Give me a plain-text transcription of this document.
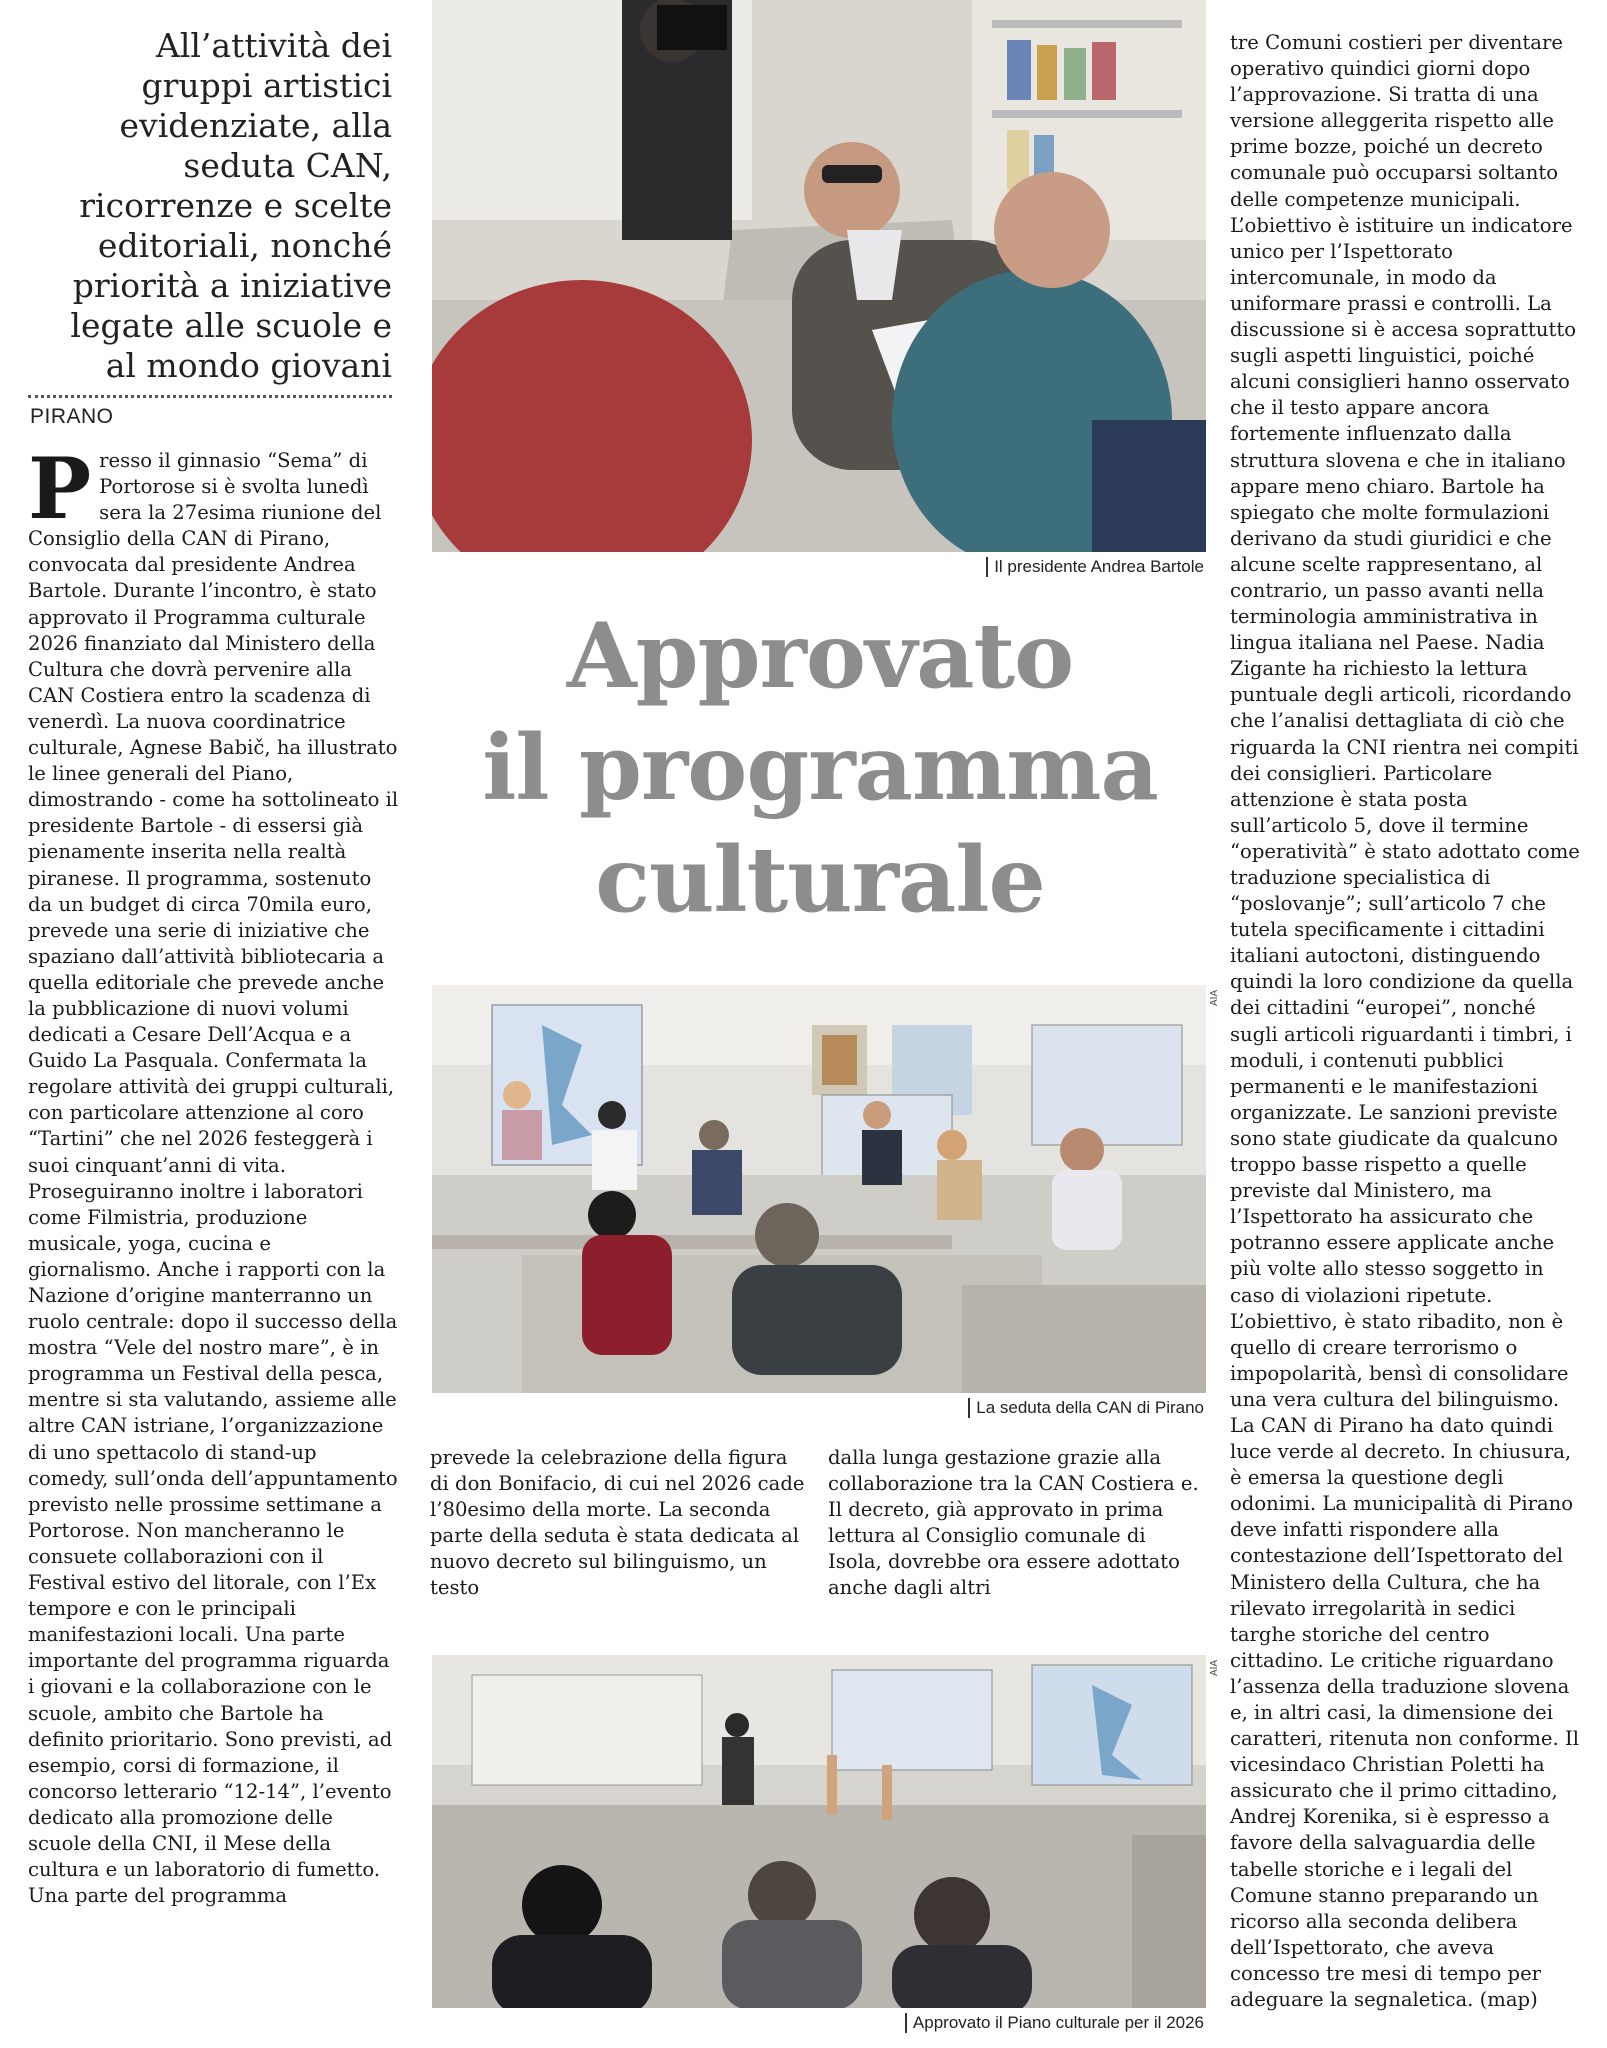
All’attività dei gruppi artistici evidenziate, alla seduta CAN, ricorrenze e scelte editoriali, nonché priorità a iniziative legate alle scuole e al mondo giovani
PIRANO

Presso il ginnasio “Sema” di Portorose si è svolta lunedì sera la 27esima riunione del Consiglio della CAN di Pirano, convocata dal presidente Andrea Bartole. Durante l’incontro, è stato approvato il Programma culturale 2026 finanziato dal Ministero della Cultura che dovrà pervenire alla CAN Costiera entro la scadenza di venerdì. La nuova coordinatrice culturale, Agnese Babič, ha illustrato le linee generali del Piano, dimostrando - come ha sottolineato il presidente Bartole - di essersi già pienamente inserita nella realtà piranese. Il programma, sostenuto da un budget di circa 70mila euro, prevede una serie di iniziative che spaziano dall’attività bibliotecaria a quella editoriale che prevede anche la pubblicazione di nuovi volumi dedicati a Cesare Dell’Acqua e a Guido La Pasquala. Confermata la regolare attività dei gruppi culturali, con particolare attenzione al coro “Tartini” che nel 2026 festeggerà i suoi cinquant’anni di vita. Proseguiranno inoltre i laboratori come Filmistria, produzione musicale, yoga, cucina e giornalismo. Anche i rapporti con la Nazione d’origine manterranno un ruolo centrale: dopo il successo della mostra “Vele del nostro mare”, è in programma un Festival della pesca, mentre si sta valutando, assieme alle altre CAN istriane, l’organizzazione di uno spettacolo di stand-up comedy, sull’onda dell’appuntamento previsto nelle prossime settimane a Portorose. Non mancheranno le consuete collaborazioni con il Festival estivo del litorale, con l’Ex tempore e con le principali manifestazioni locali. Una parte importante del programma riguarda i giovani e la collaborazione con le scuole, ambito che Bartole ha definito prioritario. Sono previsti, ad esempio, corsi di formazione, il concorso letterario “12-14”, l’evento dedicato alla promozione delle scuole della CNI, il Mese della cultura e un laboratorio di fumetto. Una parte del programma

Il presidente Andrea Bartole
Approvato
il programma
culturale
AIA
La seduta della CAN di Pirano

prevede la celebrazione della figura di don Bonifacio, di cui nel 2026 cade l’80esimo della morte. La seconda parte della seduta è stata dedicata al nuovo decreto sul bilinguismo, un testo

dalla lunga gestazione grazie alla collaborazione tra la CAN Costiera e. Il decreto, già approvato in prima lettura al Consiglio comunale di Isola, dovrebbe ora essere adottato anche dagli altri

AIA
Approvato il Piano culturale per il 2026

tre Comuni costieri per diventare operativo quindici giorni dopo l’approvazione. Si tratta di una versione alleggerita rispetto alle prime bozze, poiché un decreto comunale può occuparsi soltanto delle competenze municipali. L’obiettivo è istituire un indicatore unico per l’Ispettorato intercomunale, in modo da uniformare prassi e controlli. La discussione si è accesa soprattutto sugli aspetti linguistici, poiché alcuni consiglieri hanno osservato che il testo appare ancora fortemente influenzato dalla struttura slovena e che in italiano appare meno chiaro. Bartole ha spiegato che molte formulazioni derivano da studi giuridici e che alcune scelte rappresentano, al contrario, un passo avanti nella terminologia amministrativa in lingua italiana nel Paese. Nadia Zigante ha richiesto la lettura puntuale degli articoli, ricordando che l’analisi dettagliata di ciò che riguarda la CNI rientra nei compiti dei consiglieri. Particolare attenzione è stata posta sull’articolo 5, dove il termine “operatività” è stato adottato come traduzione specialistica di “poslovanje”; sull’articolo 7 che tutela specificamente i cittadini italiani autoctoni, distinguendo quindi la loro condizione da quella dei cittadini “europei”, nonché sugli articoli riguardanti i timbri, i moduli, i contenuti pubblici permanenti e le manifestazioni organizzate. Le sanzioni previste sono state giudicate da qualcuno troppo basse rispetto a quelle previste dal Ministero, ma l’Ispettorato ha assicurato che potranno essere applicate anche più volte allo stesso soggetto in caso di violazioni ripetute. L’obiettivo, è stato ribadito, non è quello di creare terrorismo o impopolarità, bensì di consolidare una vera cultura del bilinguismo. La CAN di Pirano ha dato quindi luce verde al decreto. In chiusura, è emersa la questione degli odonimi. La municipalità di Pirano deve infatti rispondere alla contestazione dell’Ispettorato del Ministero della Cultura, che ha rilevato irregolarità in sedici targhe storiche del centro cittadino. Le critiche riguardano l’assenza della traduzione slovena e, in altri casi, la dimensione dei caratteri, ritenuta non conforme. Il vicesindaco Christian Poletti ha assicurato che il primo cittadino, Andrej Korenika, si è espresso a favore della salvaguardia delle tabelle storiche e i legali del Comune stanno preparando un ricorso alla seconda delibera dell’Ispettorato, che aveva concesso tre mesi di tempo per adeguare la segnaletica. (map)
